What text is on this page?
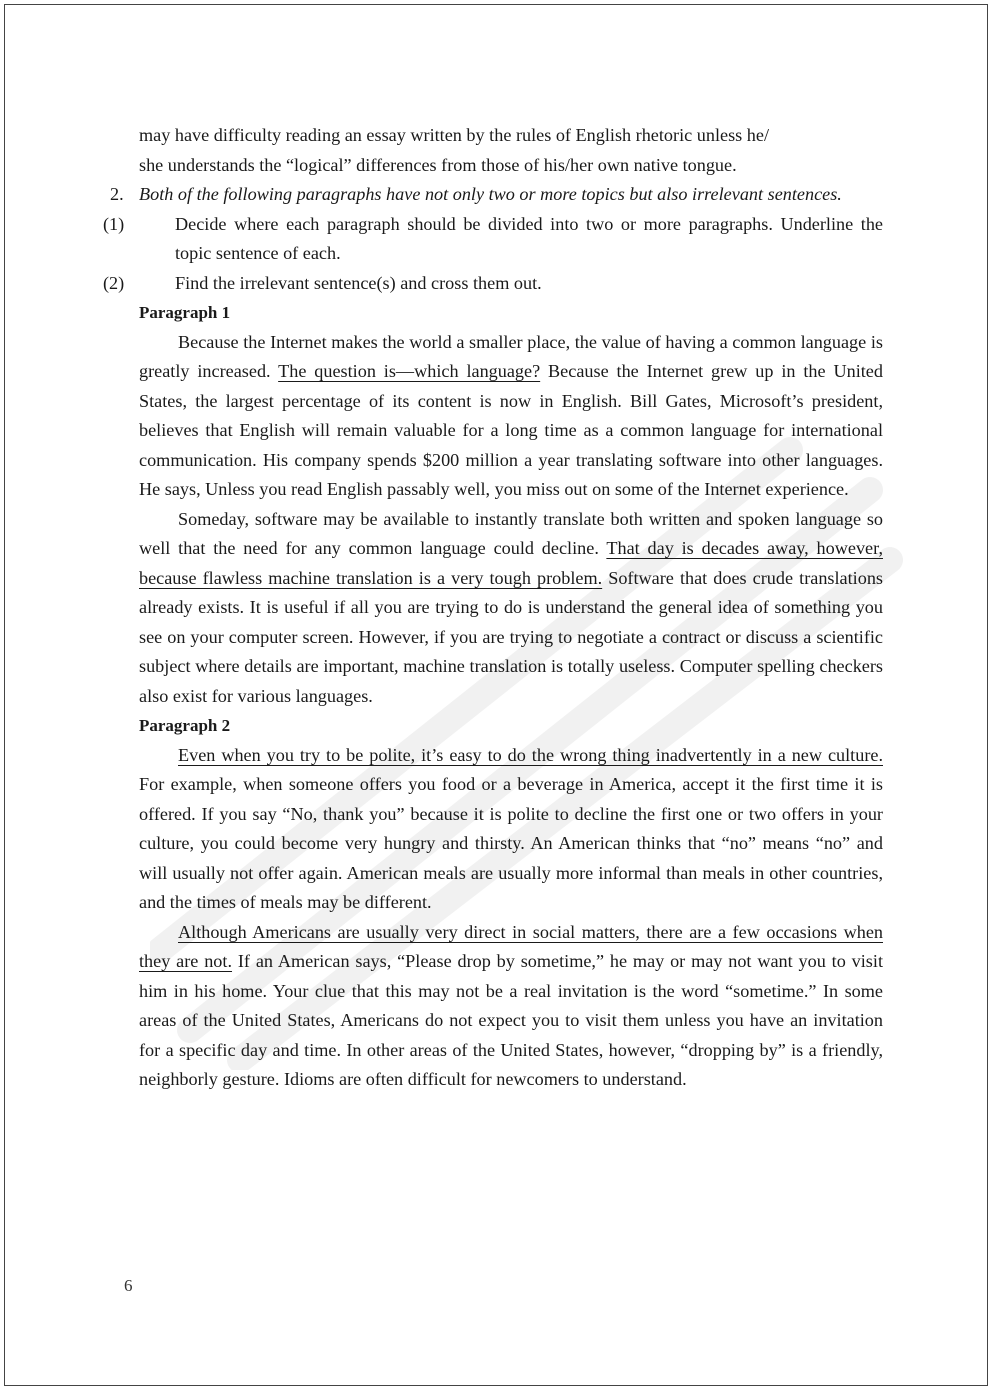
may have difficulty reading an essay written by the rules of English rhetoric unless he/

she understands the “logical” differences from those of his/her own native tongue.

2. Both of the following paragraphs have not only two or more topics but also irrelevant sentences.

(1)	Decide where each paragraph should be divided into two or more paragraphs. Underline the topic sentence of each.

(2)	Find the irrelevant sentence(s) and cross them out.

Paragraph 1

Because the Internet makes the world a smaller place, the value of having a common language is greatly increased. The question is—which language? Because the Internet grew up in the United States, the largest percentage of its content is now in English. Bill Gates, Microsoft’s president, believes that English will remain valuable for a long time as a common language for international communication. His company spends $200 million a year translating software into other languages. He says, Unless you read English passably well, you miss out on some of the Internet experience.

Someday, software may be available to instantly translate both written and spoken language so well that the need for any common language could decline. That day is decades away, however, because flawless machine translation is a very tough problem. Software that does crude translations already exists. It is useful if all you are trying to do is understand the general idea of something you see on your computer screen. However, if you are trying to negotiate a contract or discuss a scientific subject where details are important, machine translation is totally useless. Computer spelling checkers also exist for various languages.

Paragraph 2

Even when you try to be polite, it’s easy to do the wrong thing inadvertently in a new culture. For example, when someone offers you food or a beverage in America, accept it the first time it is offered. If you say “No, thank you” because it is polite to decline the first one or two offers in your culture, you could become very hungry and thirsty. An American thinks that “no” means “no” and will usually not offer again. American meals are usually more informal than meals in other countries, and the times of meals may be different.

Although Americans are usually very direct in social matters, there are a few occasions when they are not. If an American says, “Please drop by sometime,” he may or may not want you to visit him in his home. Your clue that this may not be a real invitation is the word “sometime.” In some areas of the United States, Americans do not expect you to visit them unless you have an invitation for a specific day and time. In other areas of the United States, however, “dropping by” is a friendly, neighborly gesture. Idioms are often difficult for newcomers to understand.

6
